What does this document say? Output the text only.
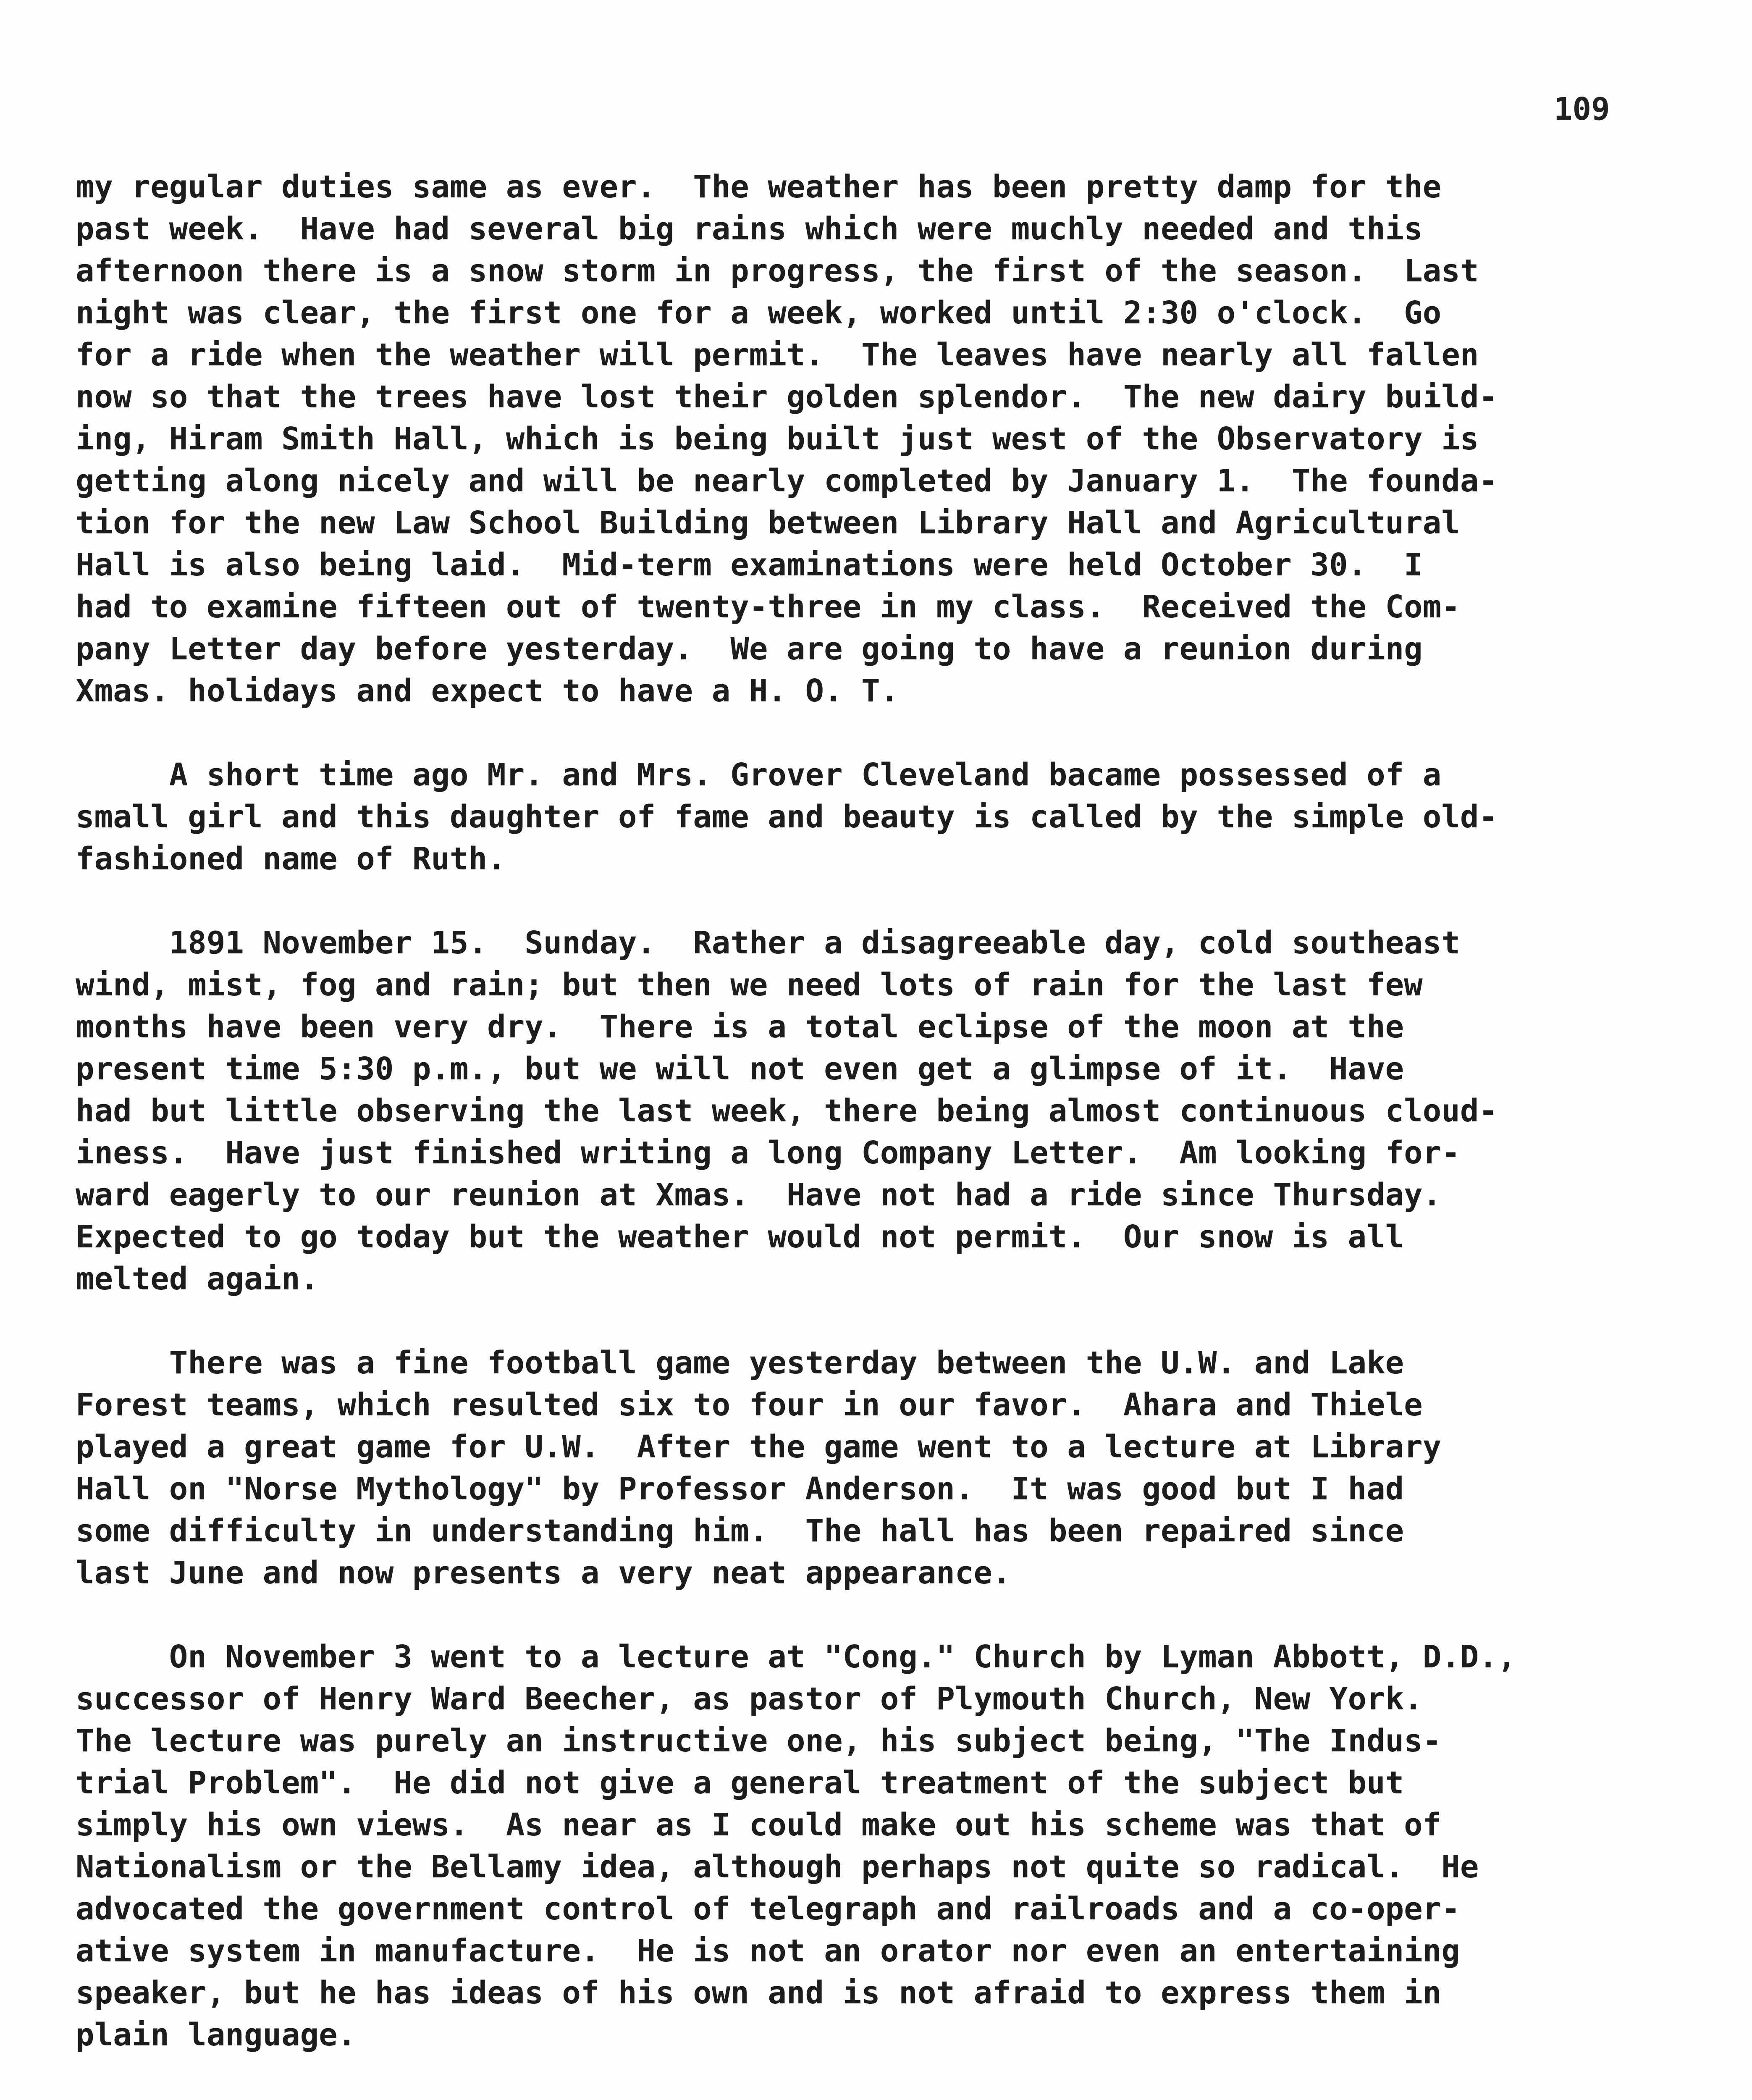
109
my regular duties same as ever.  The weather has been pretty damp for the
past week.  Have had several big rains which were muchly needed and this
afternoon there is a snow storm in progress, the first of the season.  Last
night was clear, the first one for a week, worked until 2:30 o'clock.  Go
for a ride when the weather will permit.  The leaves have nearly all fallen
now so that the trees have lost their golden splendor.  The new dairy build-
ing, Hiram Smith Hall, which is being built just west of the Observatory is
getting along nicely and will be nearly completed by January 1.  The founda-
tion for the new Law School Building between Library Hall and Agricultural
Hall is also being laid.  Mid-term examinations were held October 30.  I
had to examine fifteen out of twenty-three in my class.  Received the Com-
pany Letter day before yesterday.  We are going to have a reunion during
Xmas. holidays and expect to have a H. O. T.
A short time ago Mr. and Mrs. Grover Cleveland bacame possessed of a
small girl and this daughter of fame and beauty is called by the simple old-
fashioned name of Ruth.
1891 November 15.  Sunday.  Rather a disagreeable day, cold southeast
wind, mist, fog and rain; but then we need lots of rain for the last few
months have been very dry.  There is a total eclipse of the moon at the
present time 5:30 p.m., but we will not even get a glimpse of it.  Have
had but little observing the last week, there being almost continuous cloud-
iness.  Have just finished writing a long Company Letter.  Am looking for-
ward eagerly to our reunion at Xmas.  Have not had a ride since Thursday.
Expected to go today but the weather would not permit.  Our snow is all
melted again.
There was a fine football game yesterday between the U.W. and Lake
Forest teams, which resulted six to four in our favor.  Ahara and Thiele
played a great game for U.W.  After the game went to a lecture at Library
Hall on "Norse Mythology" by Professor Anderson.  It was good but I had
some difficulty in understanding him.  The hall has been repaired since
last June and now presents a very neat appearance.
On November 3 went to a lecture at "Cong." Church by Lyman Abbott, D.D.,
successor of Henry Ward Beecher, as pastor of Plymouth Church, New York.
The lecture was purely an instructive one, his subject being, "The Indus-
trial Problem".  He did not give a general treatment of the subject but
simply his own views.  As near as I could make out his scheme was that of
Nationalism or the Bellamy idea, although perhaps not quite so radical.  He
advocated the government control of telegraph and railroads and a co-oper-
ative system in manufacture.  He is not an orator nor even an entertaining
speaker, but he has ideas of his own and is not afraid to express them in
plain language.
